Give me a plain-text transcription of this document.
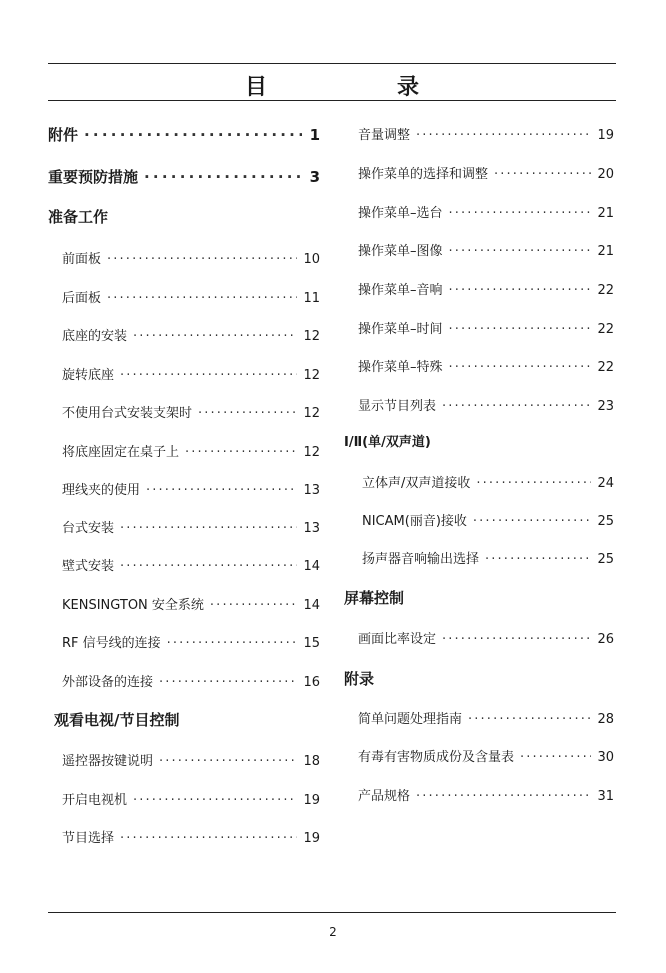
目　录
附件 · · ·	1
重要预防措施 · · ·	3
准备工作
前面板 · · ·	10
后面板 · · ·	11
底座的安装 · · ·	12
旋转底座 · · ·	12
不使用台式安装支架时 · · ·	12
将底座固定在桌子上 · · ·	12
理线夹的使用 · · ·	13
台式安装 · · ·	13
壁式安装 · · ·	14
KENSINGTON 安全系统 · · ·	14
RF 信号线的连接 · · ·	15
外部设备的连接 · · ·	16
观看电视/节目控制
遥控器按键说明 · · ·	18
开启电视机 · · ·	19
节目选择 · · ·	19
音量调整 · · ·	19
操作菜单的选择和调整 · · ·	20
操作菜单–选台 · · ·	21
操作菜单–图像 · · ·	21
操作菜单–音响 · · ·	22
操作菜单–时间 · · ·	22
操作菜单–特殊 · · ·	22
显示节目列表 · · ·	23
Ⅰ/Ⅱ(单/双声道)
立体声/双声道接收 · · ·	24
NICAM(丽音)接收 · · ·	25
扬声器音响输出选择 · · ·	25
屏幕控制
画面比率设定 · · ·	26
附录
简单问题处理指南 · · ·	28
有毒有害物质成份及含量表 · · ·	30
产品规格 · · ·	31
2
